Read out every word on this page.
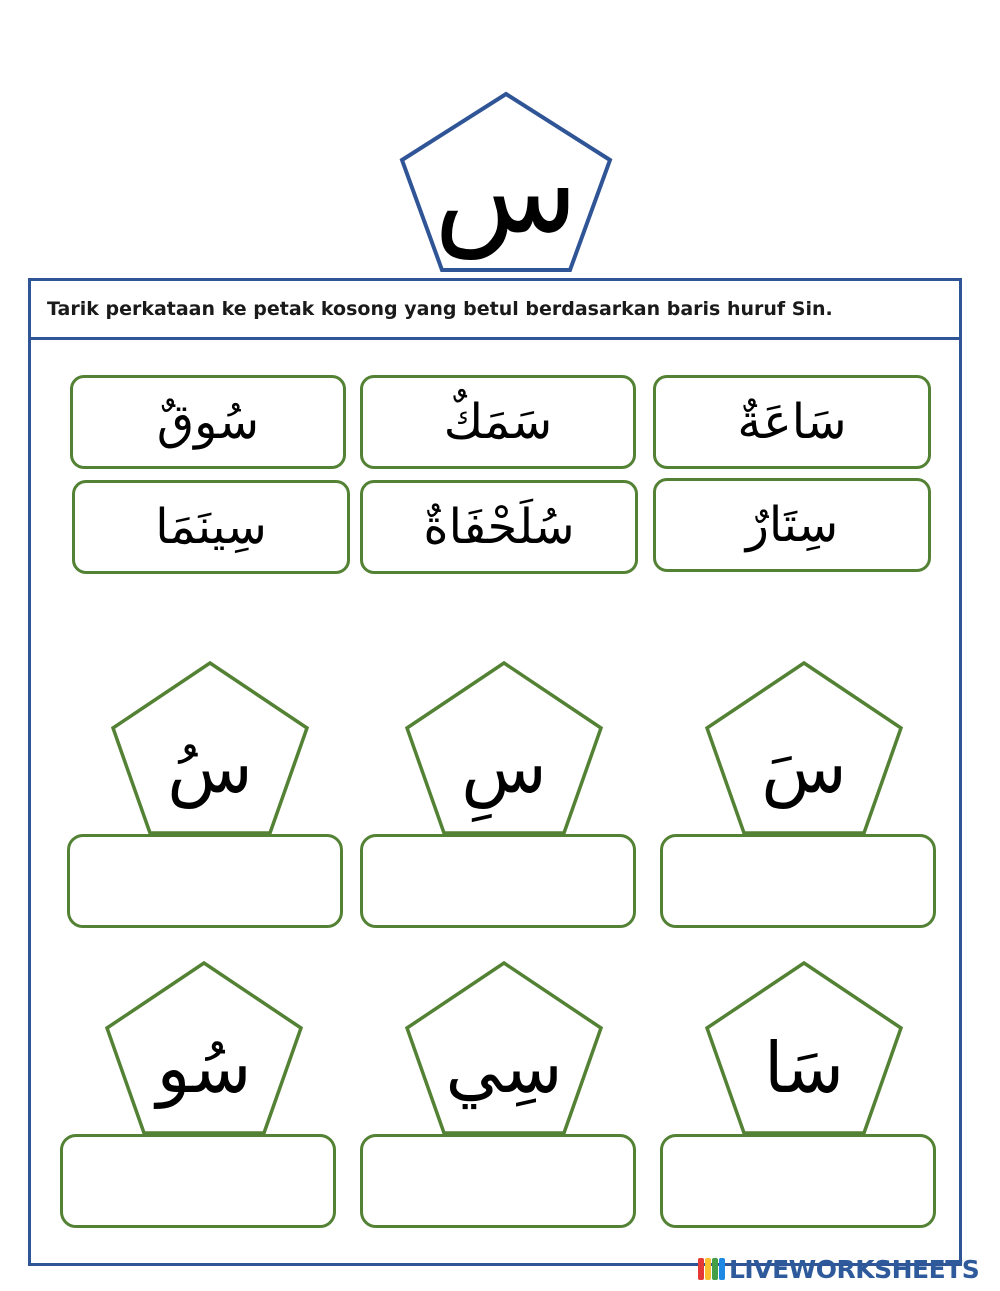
س
Tarik perkataan ke petak kosong yang betul berdasarkan baris huruf Sin.
سُوقٌ	سَمَكٌ	سَاعَةٌ
سِينَمَا	سُلَحْفَاةٌ	سِتَارٌ
سُ	سِ	سَ
سُو	سِي	سَا
LIVEWORKSHEETS
